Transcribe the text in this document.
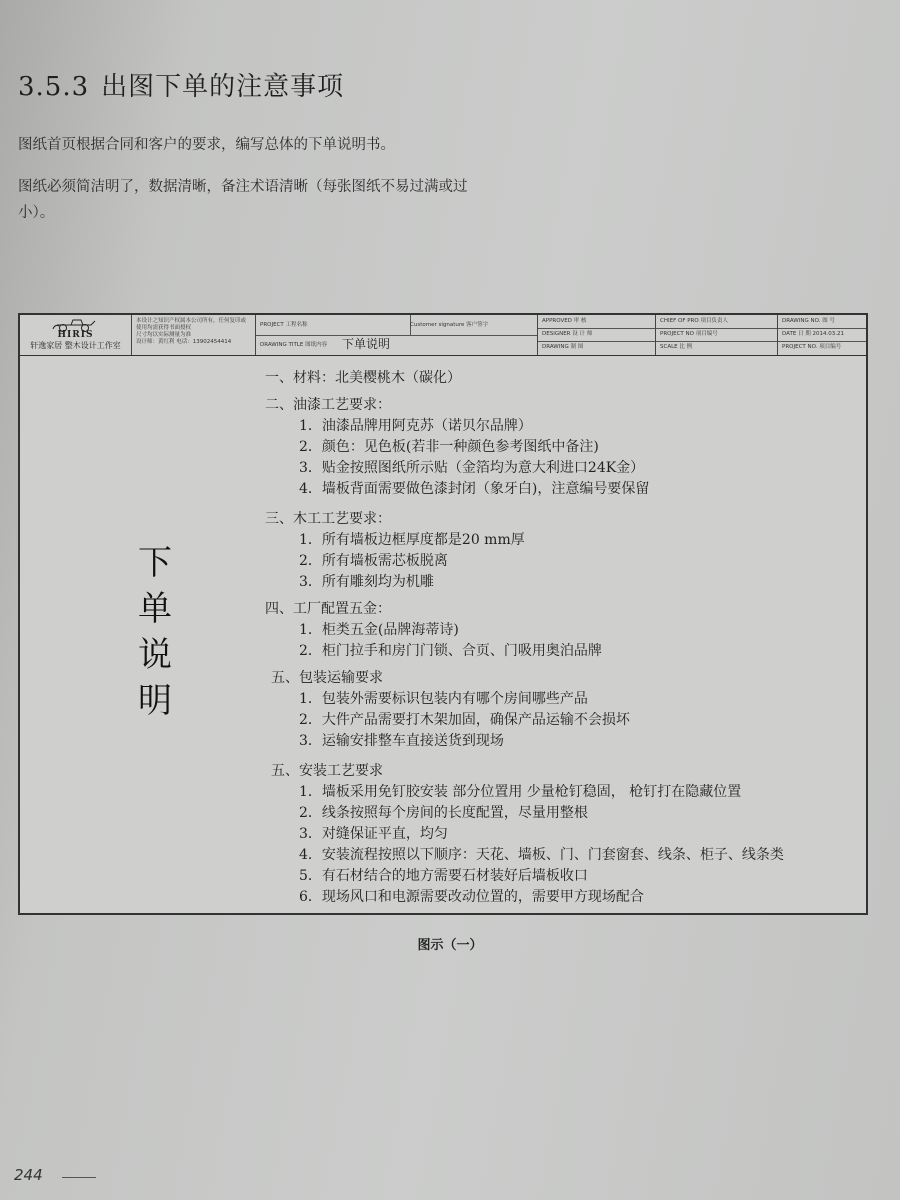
3.5.3 出图下单的注意事项
图纸首页根据合同和客户的要求，编写总体的下单说明书。
图纸必须简洁明了，数据清晰，备注术语清晰（每张图纸不易过满或过小）。
HIRIS
轩逸家居 整木设计工作室
本设计之知识产权属本公司所有，任何复印或使用均需获得书面授权
尺寸均以实际测量为准
设计师：黄红利 电话：13902454414
PROJECT 工程名称	Customer signature 客户签字
DRAWING TITLE 图纸内容	下单说明
APPROVED 审 核
DESIGNER 设 计 师
DRAWING 制 图
CHIEF OF PRO 项目负责人
PROJECT NO 项目编号
SCALE 比 例
DRAWING NO. 图 号
DATE 日 期 2014.03.21
PROJECT NO. 项目编号
下
单
说
明
一、材料：北美樱桃木（碳化）
二、油漆工艺要求：
1．油漆品牌用阿克苏（诺贝尔品牌）
2．颜色：见色板(若非一种颜色参考图纸中备注)
3．贴金按照图纸所示贴（金箔均为意大利进口24K金）
4．墙板背面需要做色漆封闭（象牙白)，注意编号要保留
三、木工工艺要求：
1．所有墙板边框厚度都是20 mm厚
2．所有墙板需芯板脱离
3．所有雕刻均为机雕
四、工厂配置五金：
1．柜类五金(品牌海蒂诗)
2．柜门拉手和房门门锁、合页、门吸用奥泊品牌
五、包装运输要求
1．包装外需要标识包装内有哪个房间哪些产品
2．大件产品需要打木架加固，确保产品运输不会损坏
3．运输安排整车直接送货到现场
五、安装工艺要求
1．墙板采用免钉胶安装 部分位置用 少量枪钉稳固， 枪钉打在隐藏位置
2．线条按照每个房间的长度配置，尽量用整根
3．对缝保证平直，均匀
4．安装流程按照以下顺序：天花、墙板、门、门套窗套、线条、柜子、线条类
5．有石材结合的地方需要石材装好后墙板收口
6．现场风口和电源需要改动位置的，需要甲方现场配合
图示（一）
244
